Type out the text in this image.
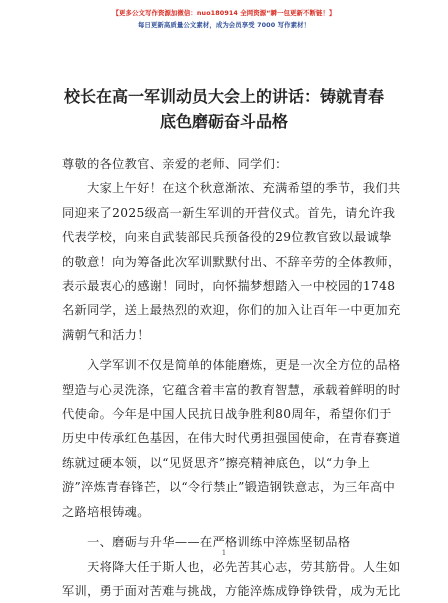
【更多公文写作资源加微信：nuo180914 全网资源“瞬一包更新不断链！】
每日更新高质量公文素材，成为会员享受 7000 写作素材！
校长在高一军训动员大会上的讲话：铸就青春
底色磨砺奋斗品格
尊敬的各位教官、亲爱的老师、同学们：
　　大家上午好！在这个秋意渐浓、充满希望的季节，我们共
同迎来了2025级高一新生军训的开营仪式。首先，请允许我
代表学校，向来自武装部民兵预备役的29位教官致以最诚挚
的敬意！向为筹备此次军训默默付出、不辞辛劳的全体教师，
表示最衷心的感谢！同时，向怀揣梦想踏入一中校园的1748
名新同学，送上最热烈的欢迎，你们的加入让百年一中更加充
满朝气和活力！
　　入学军训不仅是简单的体能磨炼，更是一次全方位的品格
塑造与心灵洗涤，它蕴含着丰富的教育智慧，承载着鲜明的时
代使命。今年是中国人民抗日战争胜利80周年，希望你们于
历史中传承红色基因，在伟大时代勇担强国使命，在青春赛道
练就过硬本领，以“见贤思齐”擦亮精神底色，以“力争上
游”淬炼青春锋芒，以“令行禁止”锻造钢铁意志，为三年高中
之路培根铸魂。
　　一、磨砺与升华——在严格训练中淬炼坚韧品格
　　天将降大任于斯人也，必先苦其心志，劳其筋骨。人生如
军训，勇于面对苦难与挑战，方能淬炼成铮铮铁骨，成为无比
1
